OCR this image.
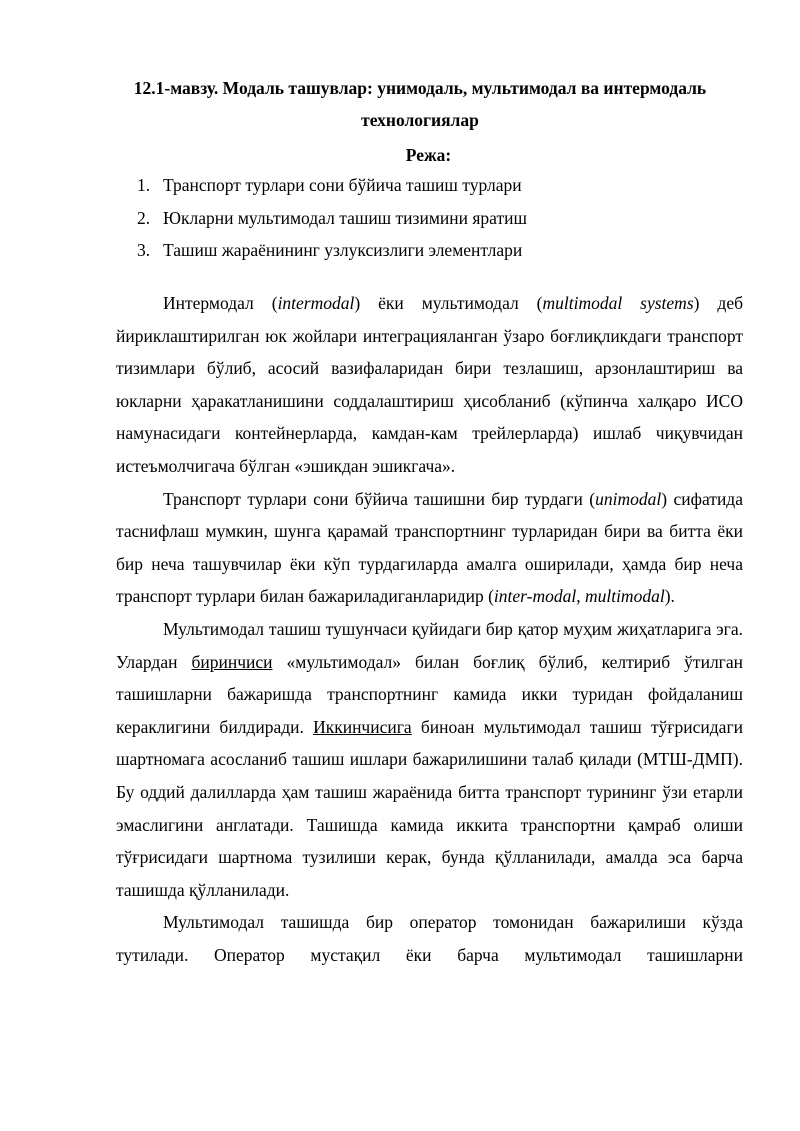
12.1-мавзу. Модаль ташувлар: унимодаль, мультимодал ва интермодаль технологиялар
Режа:
1. Транспорт турлари сони бўйича ташиш турлари
2. Юкларни мультимодал ташиш тизимини яратиш
3. Ташиш жараёнининг узлуксизлиги элементлари

Интермодал (intermodal) ёки мультимодал (multimodal systems) деб йириклаштирилган юк жойлари интеграцияланган ўзаро боғлиқликдаги транспорт тизимлари бўлиб, асосий вазифаларидан бири тезлашиш, арзонлаштириш ва юкларни ҳаракатланишини соддалаштириш ҳисобланиб (кўпинча халқаро ИСО намунасидаги контейнерларда, камдан-кам трейлерларда) ишлаб чиқувчидан истеъмолчигача бўлган «эшикдан эшикгача».

Транспорт турлари сони бўйича ташишни бир турдаги (unimodal) сифатида таснифлаш мумкин, шунга қарамай транспортнинг турларидан бири ва битта ёки бир неча ташувчилар ёки кўп турдагиларда амалга оширилади, ҳамда бир неча транспорт турлари билан бажариладиганларидир (inter-modal, multimodal).

Мультимодал ташиш тушунчаси қуйидаги бир қатор муҳим жиҳатларига эга. Улардан биринчиси «мультимодал» билан боғлиқ бўлиб, келтириб ўтилган ташишларни бажаришда транспортнинг камида икки туридан фойдаланиш кераклигини билдиради. Иккинчисига биноан мультимодал ташиш тўғрисидаги шартномага асосланиб ташиш ишлари бажарилишини талаб қилади (МТШ-ДМП). Бу оддий далилларда ҳам ташиш жараёнида битта транспорт турининг ўзи етарли эмаслигини англатади. Ташишда камида иккита транспортни қамраб олиши тўғрисидаги шартнома тузилиши керак, бунда қўлланилади, амалда эса барча ташишда қўлланилади.

Мультимодал ташишда бир оператор томонидан бажарилиши кўзда тутилади. Оператор мустақил ёки барча мультимодал ташишларни
